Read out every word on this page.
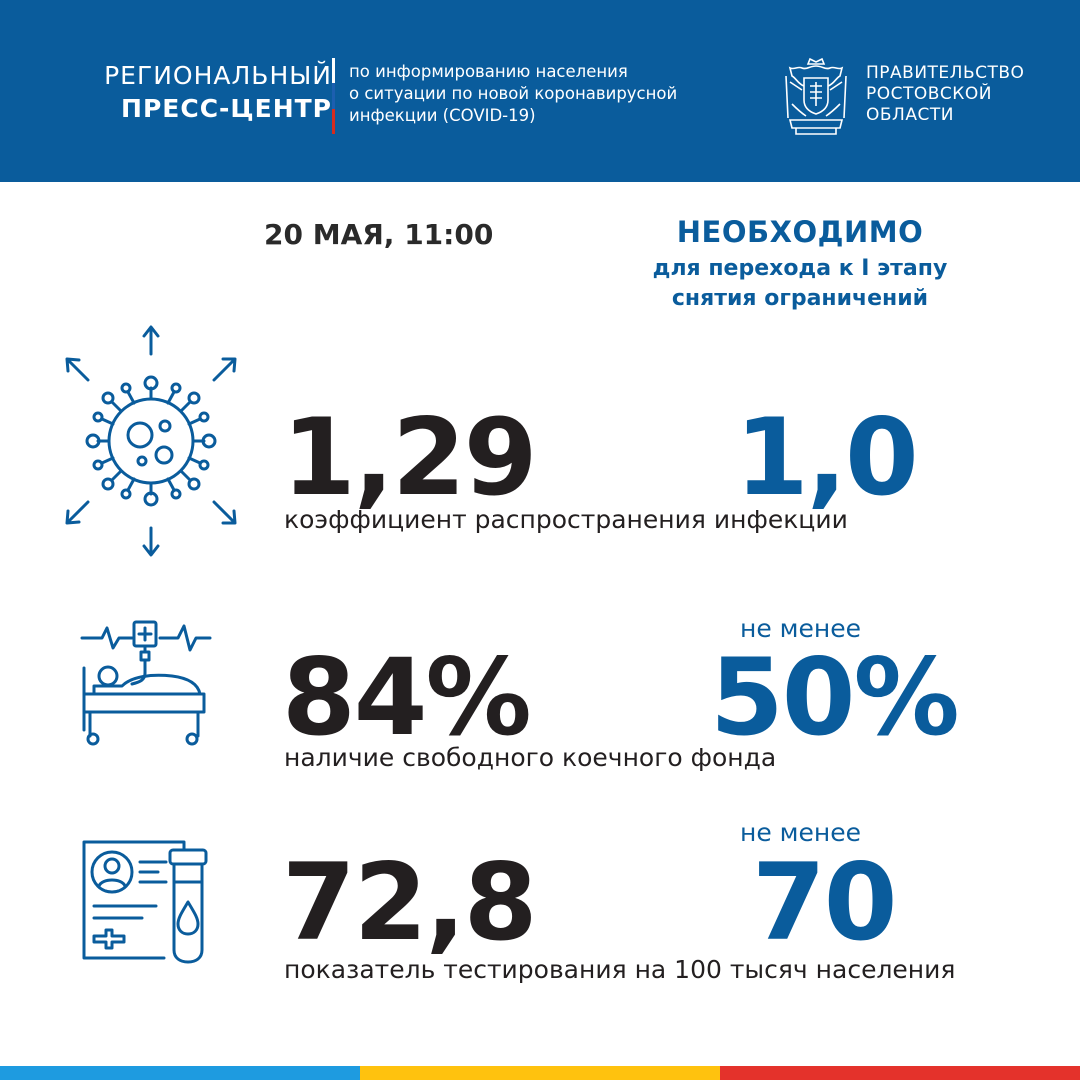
РЕГИОНАЛЬНЫЙ
ПРЕСС-ЦЕНТР
по информированию населения
о ситуации по новой коронавирусной
инфекции (COVID-19)
ПРАВИТЕЛЬСТВО
РОСТОВСКОЙ
ОБЛАСТИ
20 МАЯ, 11:00	НЕОБХОДИМО
для перехода к I этапу
снятия ограничений
1,29 1,0
коэффициент распространения инфекции
не менее
84% 50%
наличие свободного коечного фонда
не менее
72,8 70
показатель тестирования на 100 тысяч населения
